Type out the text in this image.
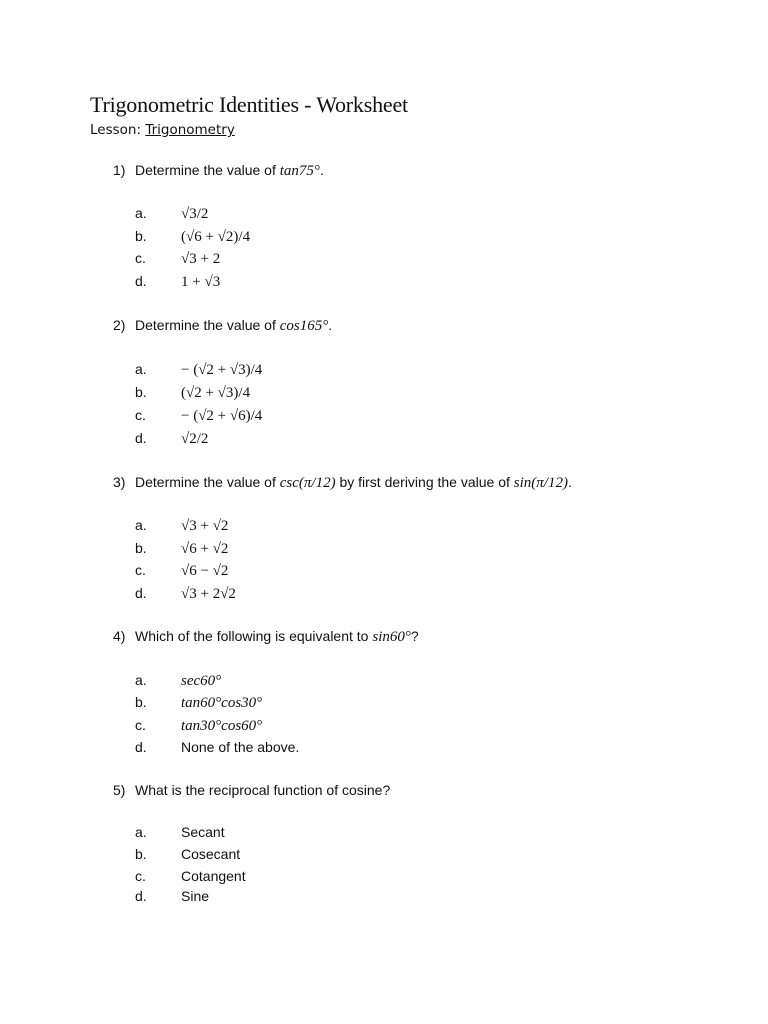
Trigonometric Identities - Worksheet
Lesson: Trigonometry
1) Determine the value of tan75°.
a. √3/2
b. (√6 + √2)/4
c. √3 + 2
d. 1 + √3
2) Determine the value of cos165°.
a. − (√2 + √3)/4
b. (√2 + √3)/4
c. − (√2 + √6)/4
d. √2/2
3) Determine the value of csc(π/12) by first deriving the value of sin(π/12).
a. √3 + √2
b. √6 + √2
c. √6 − √2
d. √3 + 2√2
4) Which of the following is equivalent to sin60°?
a. sec60°
b. tan60°cos30°
c. tan30°cos60°
d. None of the above.
5) What is the reciprocal function of cosine?
a. Secant
b. Cosecant
c.	Cotangent
d. Sine
